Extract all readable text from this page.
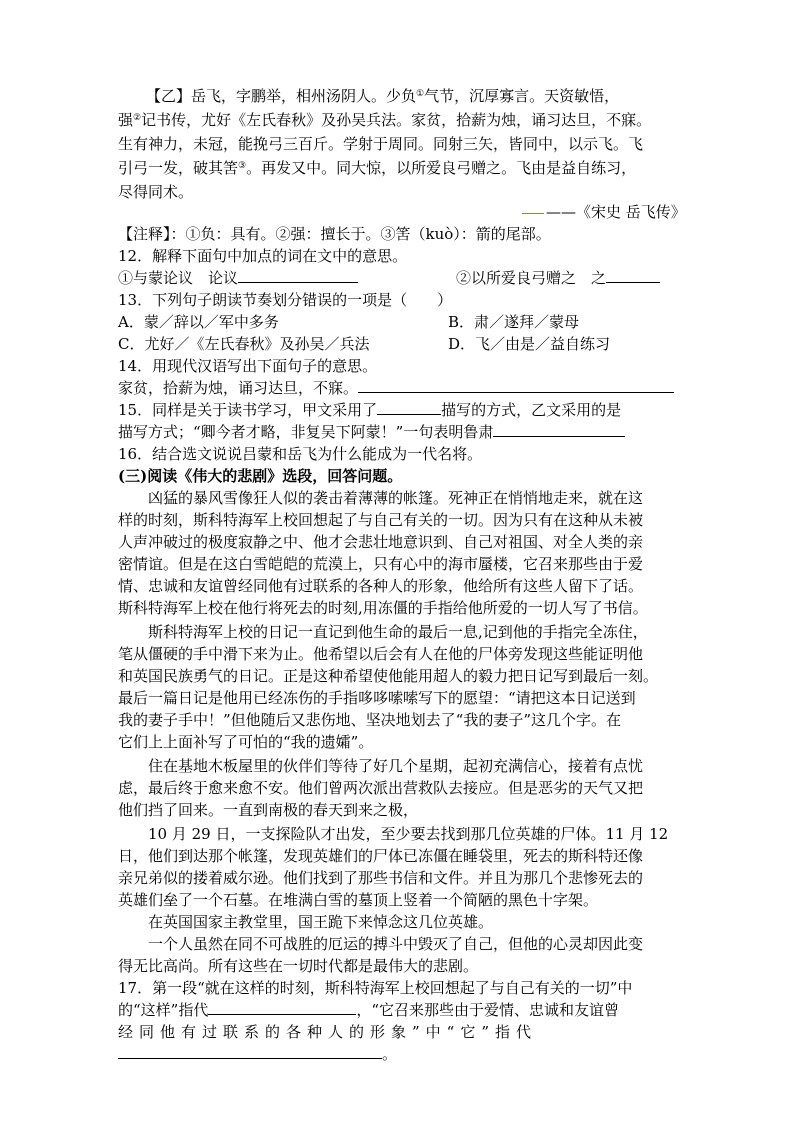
【乙】岳飞，字鹏举，相州汤阴人。少负①气节，沉厚寡言。天资敏悟，
强②记书传，尤好《左氏春秋》及孙吴兵法。家贫，拾薪为烛，诵习达旦，不寐。
生有神力，未冠，能挽弓三百斤。学射于周同。同射三矢，皆同中，以示飞。飞
引弓一发，破其筈③。再发又中。同大惊，以所爱良弓赠之。飞由是益自练习，
尽得同术。
——《宋史 岳飞传》
【注释】：①负：具有。②强：擅长于。③筈（kuò）：箭的尾部。
12．解释下面句中加点的词在文中的意思。
①与蒙论议　论议	②以所爱良弓赠之　之
13．下列句子朗读节奏划分错误的一项是（　　）
A．蒙／辞以／军中多务	B．肃／遂拜／蒙母
C．尤好／《左氏春秋》及孙吴／兵法	D．飞／由是／益自练习
14．用现代汉语写出下面句子的意思。
家贫，拾薪为烛，诵习达旦，不寐。
15．同样是关于读书学习，甲文采用了	描写的方式，乙文采用的是
描写方式；“卿今者才略，非复吴下阿蒙！”一句表明鲁肃
16．结合选文说说吕蒙和岳飞为什么能成为一代名将。
(三)阅读《伟大的悲剧》选段，回答问题。
凶猛的暴风雪像狂人似的袭击着薄薄的帐篷。死神正在悄悄地走来，就在这
样的时刻，斯科特海军上校回想起了与自己有关的一切。因为只有在这种从未被
人声冲破过的极度寂静之中、他才会悲壮地意识到、自己对祖国、对全人类的亲
密情谊。但是在这白雪皑皑的荒漠上，只有心中的海市蜃楼，它召来那些由于爱
情、忠诚和友谊曾经同他有过联系的各种人的形象，他给所有这些人留下了话。
斯科特海军上校在他行将死去的时刻,用冻僵的手指给他所爱的一切人写了书信。
斯科特海军上校的日记一直记到他生命的最后一息,记到他的手指完全冻住，
笔从僵硬的手中滑下来为止。他希望以后会有人在他的尸体旁发现这些能证明他
和英国民族勇气的日记。正是这种希望使他能用超人的毅力把日记写到最后一刻。
最后一篇日记是他用已经冻伤的手指哆哆嗦嗦写下的愿望：“请把这本日记送到
我的妻子手中！”但他随后又悲伤地、坚决地划去了“我的妻子”这几个字。在
它们上上面补写了可怕的“我的遗孀”。
住在基地木板屋里的伙伴们等待了好几个星期，起初充满信心，接着有点忧
虑，最后终于愈来愈不安。他们曾两次派出营救队去接应。但是恶劣的天气又把
他们挡了回来。一直到南极的春天到来之极，
10 月 29 日，一支探险队才出发，至少要去找到那几位英雄的尸体。11 月 12
日，他们到达那个帐篷，发现英雄们的尸体已冻僵在睡袋里，死去的斯科特还像
亲兄弟似的搂着威尔逊。他们找到了那些书信和文件。并且为那几个悲惨死去的
英雄们垒了一个石墓。在堆满白雪的墓顶上竖着一个简陋的黑色十字架。
在英国国家主教堂里，国王跪下来悼念这几位英雄。
一个人虽然在同不可战胜的厄运的搏斗中毁灭了自己，但他的心灵却因此变
得无比高尚。所有这些在一切时代都是最伟大的悲剧。
17．第一段“就在这样的时刻，斯科特海军上校回想起了与自己有关的一切”中
的“这样”指代	，“它召来那些由于爱情、忠诚和友谊曾
经同他有过联系的各种人的形象”中“它”指代
。
